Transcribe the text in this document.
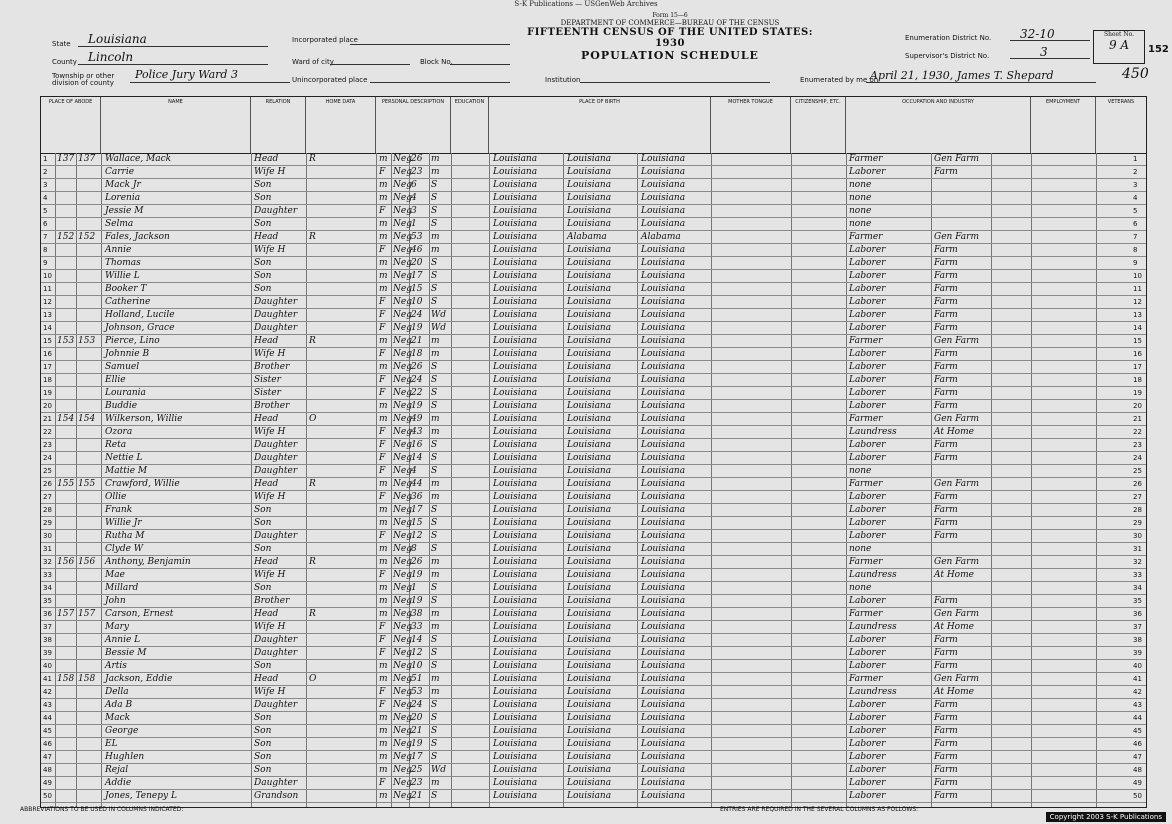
S-K Publications — USGenWeb Archives
Form 15—6
DEPARTMENT OF COMMERCE—BUREAU OF THE CENSUS
FIFTEENTH CENSUS OF THE UNITED STATES: 1930
POPULATION SCHEDULE
State Louisiana
County Lincoln
Township or other division of county
Police Jury Ward 3
Incorporated place
Ward of city	Block No.
Unincorporated place	Institution
Enumeration District No. 32-10
Supervisor's District No.	3
Enumerated by me on
April 21, 1930, James T. Shepard	450
Sheet No.
9 A	152
PLACE OF ABODE	NAME	RELATION	HOME DATA	PERSONAL DESCRIPTION	EDUCATION	PLACE OF BIRTH	MOTHER TONGUE	CITIZENSHIP, ETC.	OCCUPATION AND INDUSTRY	EMPLOYMENT	VETERANS
1	137 137	Wallace, Mack	Head	R	m Neg 26 m	Louisiana	Louisiana	Louisiana	Farmer	Gen Farm	1
2	Carrie	Wife H	F Neg 23 m	Louisiana	Louisiana	Louisiana	Laborer	Farm	2
3	Mack Jr	Son	m Neg 6	S	Louisiana	Louisiana	Louisiana	none	3
4	Lorenia	Son	m Neg 4	S	Louisiana	Louisiana	Louisiana	none	4
5	Jessie M	Daughter	F Neg 3	S	Louisiana	Louisiana	Louisiana	none	5
6	Selma	Son	m Neg 1	S	Louisiana	Louisiana	Louisiana	none	6
7	152 152	Fales, Jackson	Head	R	m Neg 53 m	Louisiana	Alabama	Alabama	Farmer	Gen Farm	7
8	Annie	Wife H	F Neg 46 m	Louisiana	Louisiana	Louisiana	Laborer	Farm	8
9	Thomas	Son	m Neg 20 S	Louisiana	Louisiana	Louisiana	Laborer	Farm	9
10	Willie L	Son	m Neg 17 S	Louisiana	Louisiana	Louisiana	Laborer	Farm	10
11	Booker T	Son	m Neg 15 S	Louisiana	Louisiana	Louisiana	Laborer	Farm	11
12	Catherine	Daughter	F Neg 10 S	Louisiana	Louisiana	Louisiana	Laborer	Farm	12
13	Holland, Lucile	Daughter	F Neg 24 Wd	Louisiana	Louisiana	Louisiana	Laborer	Farm	13
14	Johnson, Grace	Daughter	F Neg 19 Wd	Louisiana	Louisiana	Louisiana	Laborer	Farm	14
15 153 153	Pierce, Lino	Head	R	m Neg 21 m	Louisiana	Louisiana	Louisiana	Farmer	Gen Farm	15
16	Johnnie B	Wife H	F Neg 18 m	Louisiana	Louisiana	Louisiana	Laborer	Farm	16
17	Samuel	Brother	m Neg 26 S	Louisiana	Louisiana	Louisiana	Laborer	Farm	17
18	Ellie	Sister	F Neg 24 S	Louisiana	Louisiana	Louisiana	Laborer	Farm	18
19	Lourania	Sister	F Neg 22 S	Louisiana	Louisiana	Louisiana	Laborer	Farm	19
20	Buddie	Brother	m Neg 19 S	Louisiana	Louisiana	Louisiana	Laborer	Farm	20
21 154 154	Wilkerson, Willie	Head	O	m Neg 49 m	Louisiana	Louisiana	Louisiana	Farmer	Gen Farm	21
22	Ozora	Wife H	F Neg 43 m	Louisiana	Louisiana	Louisiana	Laundress	At Home	22
23	Reta	Daughter	F Neg 16 S	Louisiana	Louisiana	Louisiana	Laborer	Farm	23
24	Nettie L	Daughter	F Neg 14 S	Louisiana	Louisiana	Louisiana	Laborer	Farm	24
25	Mattie M	Daughter	F Neg 4	S	Louisiana	Louisiana	Louisiana	none	25
26 155 155	Crawford, Willie	Head	R	m Neg 44 m	Louisiana	Louisiana	Louisiana	Farmer	Gen Farm	26
27	Ollie	Wife H	F Neg 36 m	Louisiana	Louisiana	Louisiana	Laborer	Farm	27
28	Frank	Son	m Neg 17 S	Louisiana	Louisiana	Louisiana	Laborer	Farm	28
29	Willie Jr	Son	m Neg 15 S	Louisiana	Louisiana	Louisiana	Laborer	Farm	29
30	Rutha M	Daughter	F Neg 12 S	Louisiana	Louisiana	Louisiana	Laborer	Farm	30
31	Clyde W	Son	m Neg 8	S	Louisiana	Louisiana	Louisiana	none	31
32 156 156	Anthony, Benjamin	Head	R	m Neg 26 m	Louisiana	Louisiana	Louisiana	Farmer	Gen Farm	32
33	Mae	Wife H	F Neg 19 m	Louisiana	Louisiana	Louisiana	Laundress	At Home	33
34	Millard	Son	m Neg 1	S	Louisiana	Louisiana	Louisiana	none	34
35	John	Brother	m Neg 19 S	Louisiana	Louisiana	Louisiana	Laborer	Farm	35
36 157 157	Carson, Ernest	Head	R	m Neg 38 m	Louisiana	Louisiana	Louisiana	Farmer	Gen Farm	36
37	Mary	Wife H	F Neg 33 m	Louisiana	Louisiana	Louisiana	Laundress	At Home	37
38	Annie L	Daughter	F Neg 14 S	Louisiana	Louisiana	Louisiana	Laborer	Farm	38
39	Bessie M	Daughter	F Neg 12 S	Louisiana	Louisiana	Louisiana	Laborer	Farm	39
40	Artis	Son	m Neg 10 S	Louisiana	Louisiana	Louisiana	Laborer	Farm	40
41 158 158	Jackson, Eddie	Head	O	m Neg 51 m	Louisiana	Louisiana	Louisiana	Farmer	Gen Farm	41
42	Della	Wife H	F Neg 53 m	Louisiana	Louisiana	Louisiana	Laundress	At Home	42
43	Ada B	Daughter	F Neg 24 S	Louisiana	Louisiana	Louisiana	Laborer	Farm	43
44	Mack	Son	m Neg 20 S	Louisiana	Louisiana	Louisiana	Laborer	Farm	44
45	George	Son	m Neg 21 S	Louisiana	Louisiana	Louisiana	Laborer	Farm	45
46	EL	Son	m Neg 19 S	Louisiana	Louisiana	Louisiana	Laborer	Farm	46
47	Hughlen	Son	m Neg 17 S	Louisiana	Louisiana	Louisiana	Laborer	Farm	47
48	Rejal	Son	m Neg 25 Wd	Louisiana	Louisiana	Louisiana	Laborer	Farm	48
49	Addie	Daughter	F Neg 23 m	Louisiana	Louisiana	Louisiana	Laborer	Farm	49
50	Jones, Tenepy L	Grandson	m Neg 21 S	Louisiana	Louisiana	Louisiana	Laborer	Farm	50
ABBREVIATIONS TO BE USED IN COLUMNS INDICATED:	ENTRIES ARE REQUIRED IN THE SEVERAL COLUMNS AS FOLLOWS:
Copyright 2003 S-K Publications
